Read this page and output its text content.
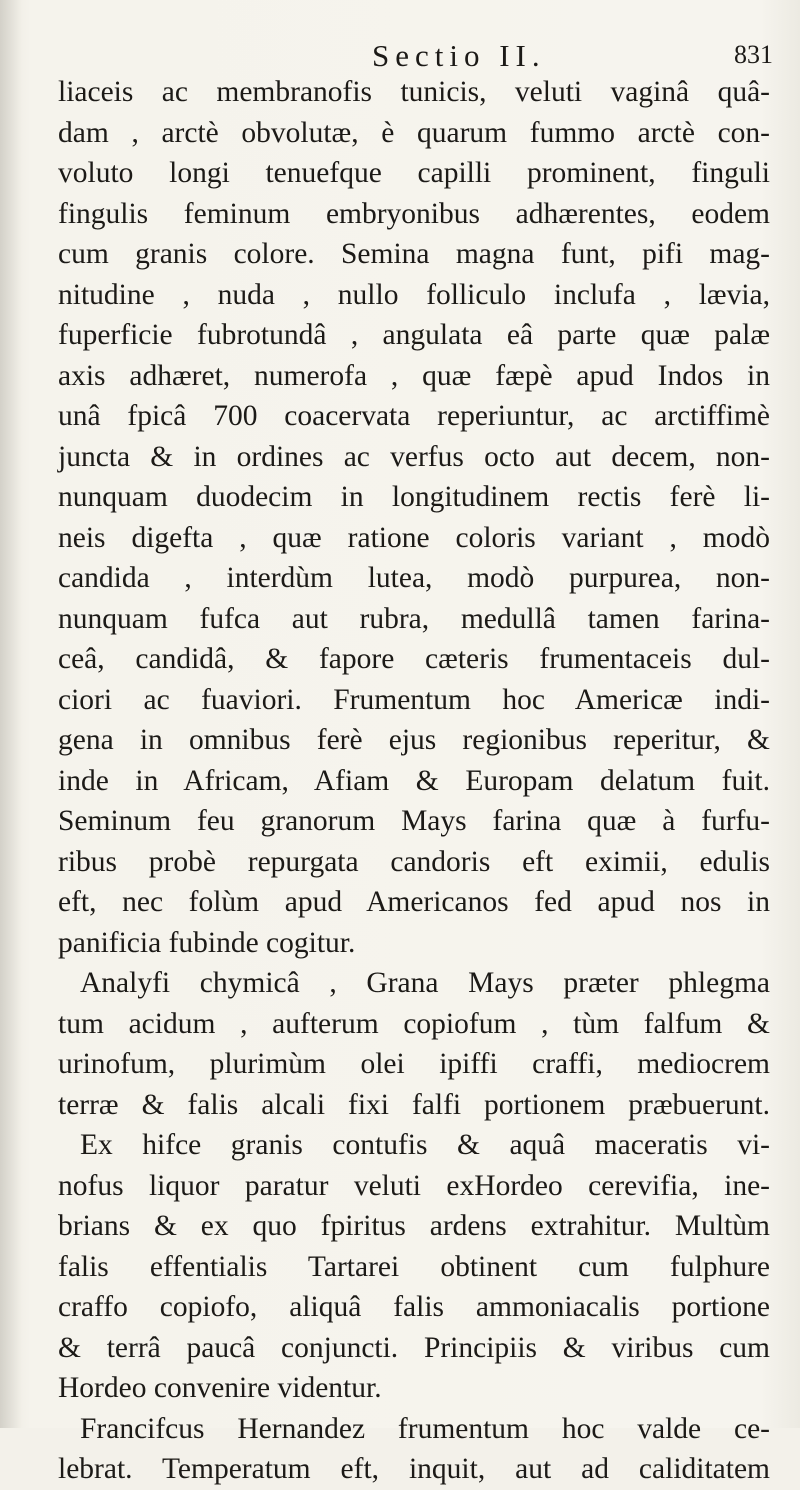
Sectio II.	831
liaceis ac membranofis tunicis, veluti vaginâ quâ-
dam , arctè obvolutæ, è quarum fummo arctè con-
voluto longi tenuefque capilli prominent, finguli
fingulis feminum embryonibus adhærentes, eodem
cum granis colore. Semina magna funt, pifi mag-
nitudine , nuda , nullo folliculo inclufa , lævia,
fuperficie fubrotundâ , angulata eâ parte quæ palæ
axis adhæret, numerofa , quæ fæpè apud Indos in
unâ fpicâ 700 coacervata reperiuntur, ac arctiffimè
juncta & in ordines ac verfus octo aut decem, non-
nunquam duodecim in longitudinem rectis ferè li-
neis digefta , quæ ratione coloris variant , modò
candida , interdùm lutea, modò purpurea, non-
nunquam fufca aut rubra, medullâ tamen farina-
ceâ, candidâ, & fapore cæteris frumentaceis dul-
ciori ac fuaviori. Frumentum hoc Americæ indi-
gena in omnibus ferè ejus regionibus reperitur, &
inde in Africam, Afiam & Europam delatum fuit.
Seminum feu granorum Mays farina quæ à furfu-
ribus probè repurgata candoris eft eximii, edulis
eft, nec folùm apud Americanos fed apud nos in
panificia fubinde cogitur.
Analyfi chymicâ , Grana Mays præter phlegma
tum acidum , aufterum copiofum , tùm falfum &
urinofum, plurimùm olei ipiffi craffi, mediocrem
terræ & falis alcali fixi falfi portionem præbuerunt.
Ex hifce granis contufis & aquâ maceratis vi-
nofus liquor paratur veluti exHordeo cerevifia, ine-
brians & ex quo fpiritus ardens extrahitur. Multùm
falis effentialis Tartarei obtinent cum fulphure
craffo copiofo, aliquâ falis ammoniacalis portione
& terrâ paucâ conjuncti. Principiis & viribus cum
Hordeo convenire videntur.
Francifcus Hernandez frumentum hoc valde ce-
lebrat. Temperatum eft, inquit, aut ad caliditatem
